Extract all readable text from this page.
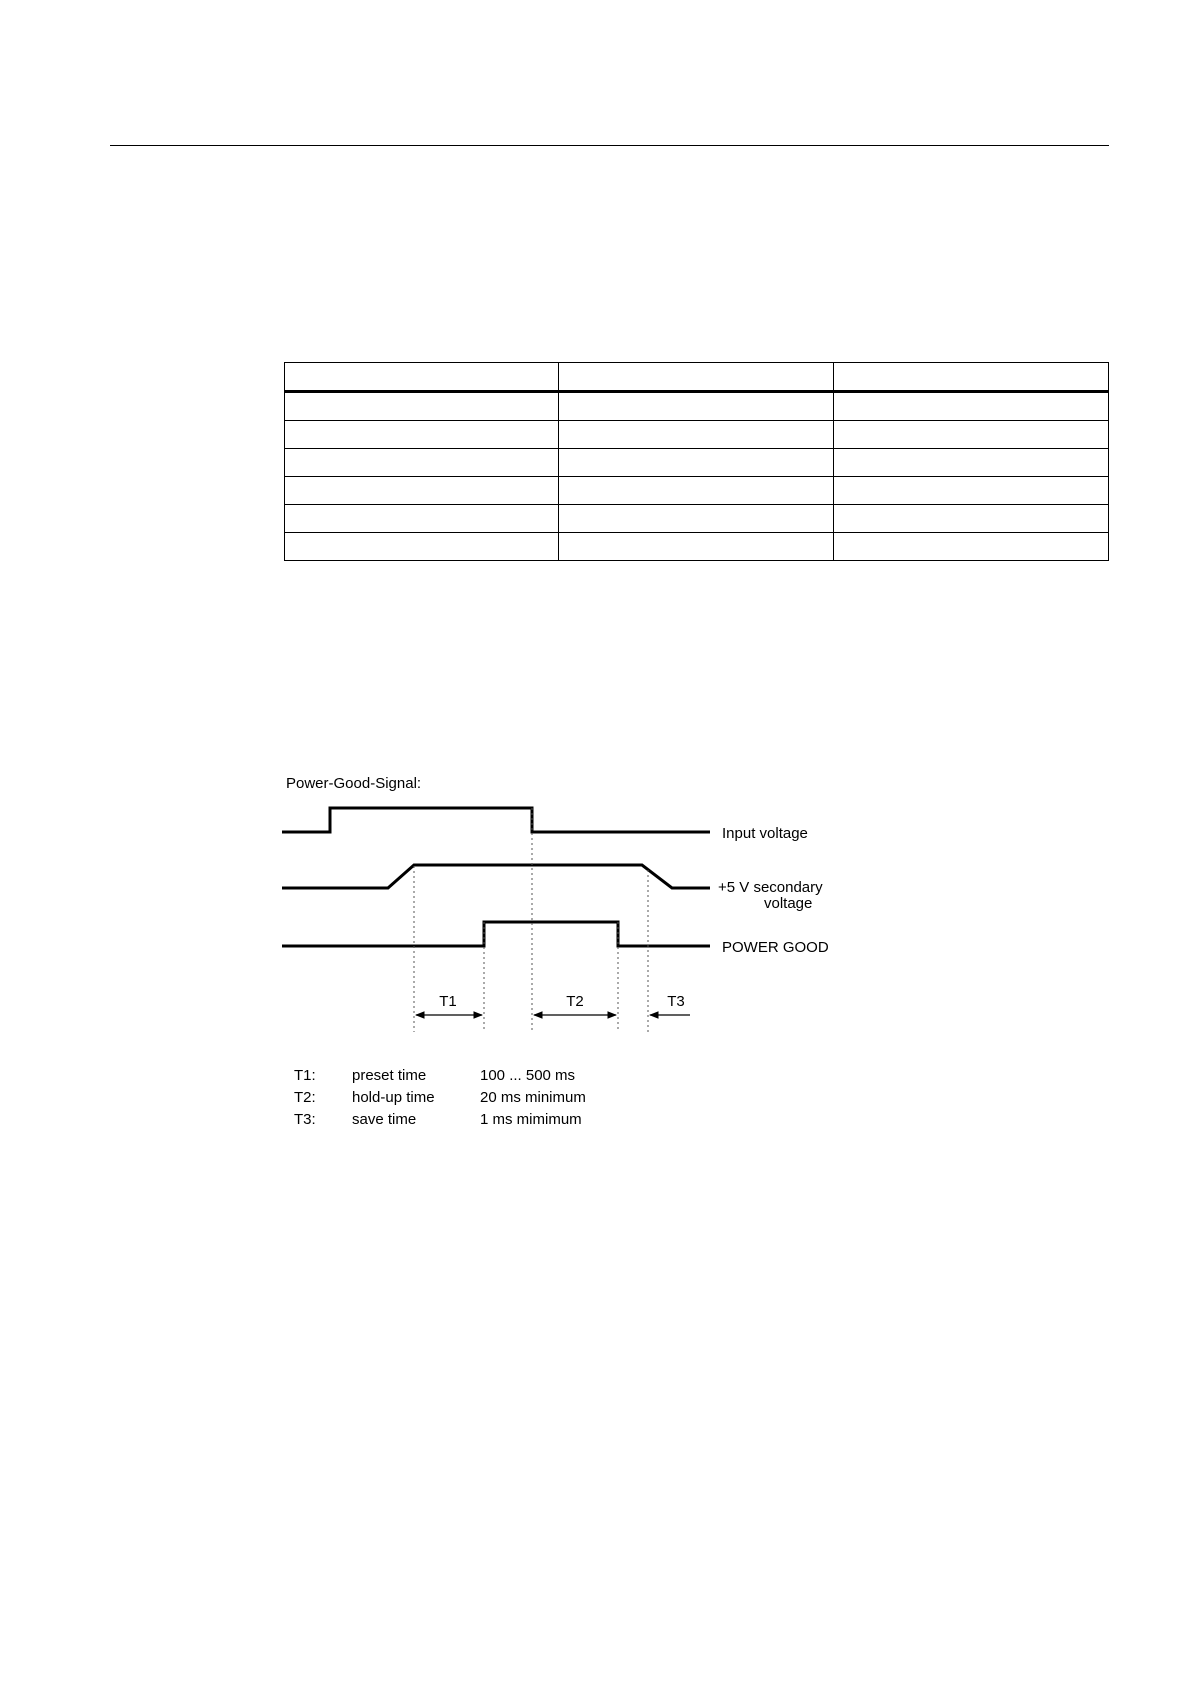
Power-Good-Signal:
T1	T2	T3
Input voltage
+5 V secondary
voltage
POWER GOOD
T1: preset time	100 ... 500 ms
T2: hold-up time	20 ms minimum
T3: save time	1 ms mimimum
